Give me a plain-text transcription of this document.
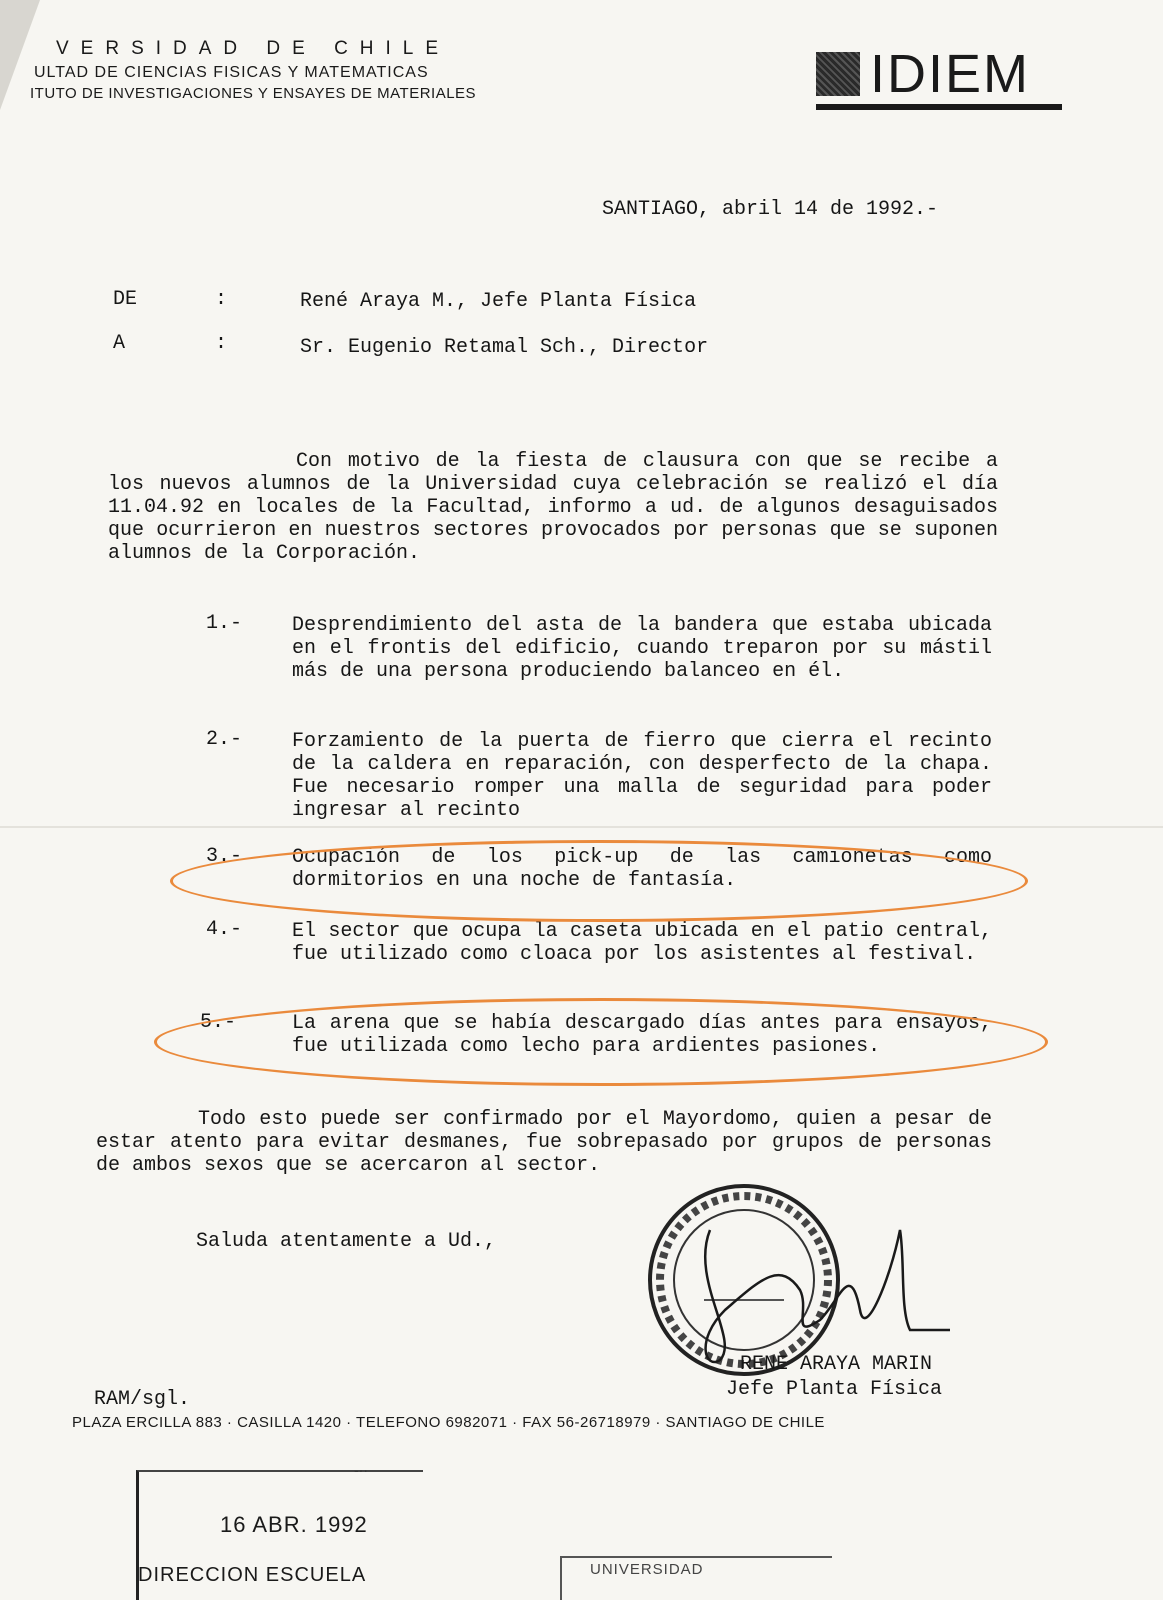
VERSIDAD DE CHILE
ULTAD DE CIENCIAS FISICAS Y MATEMATICAS
ITUTO DE INVESTIGACIONES Y ENSAYES DE MATERIALES	IDIEM
SANTIAGO, abril 14 de 1992.-
DE	:	René Araya M., Jefe Planta Física
A	:	Sr. Eugenio Retamal Sch., Director
Con motivo de la fiesta de clausura con que se recibe a los nuevos alumnos de la Universidad cuya celebración se realizó el día 11.04.92 en locales de la Facultad, informo a ud. de algunos desaguisados que ocurrieron en nuestros sectores provocados por personas que se suponen alumnos de la Corporación.
1.- Desprendimiento del asta de la bandera que estaba ubicada en el frontis del edificio, cuando treparon por su mástil más de una persona produciendo balanceo en él.
2.- Forzamiento de la puerta de fierro que cierra el recinto de la caldera en reparación, con desperfecto de la chapa. Fue necesario romper una malla de seguridad para poder ingresar al recinto
3.- Ocupación de los pick-up de las camionetas como dormitorios en una noche de fantasía.
4.- El sector que ocupa la caseta ubicada en el patio central, fue utilizado como cloaca por los asistentes al festival.
5.-	La arena que se había descargado días antes para ensayos, fue utilizada como lecho para ardientes pasiones.
Todo esto puede ser confirmado por el Mayordomo, quien a pesar de estar atento para evitar desmanes, fue sobrepasado por grupos de personas de ambos sexos que se acercaron al sector.
Saluda atentamente a Ud.,
RENE ARAYA MARIN
Jefe Planta Física
RAM/sgl.
PLAZA ERCILLA 883 · CASILLA 1420 · TELEFONO 6982071 · FAX 56-26718979 · SANTIAGO DE CHILE
-··
16 ABR. 1992
DIRECCION ESCUELA	UNIVERSIDAD
